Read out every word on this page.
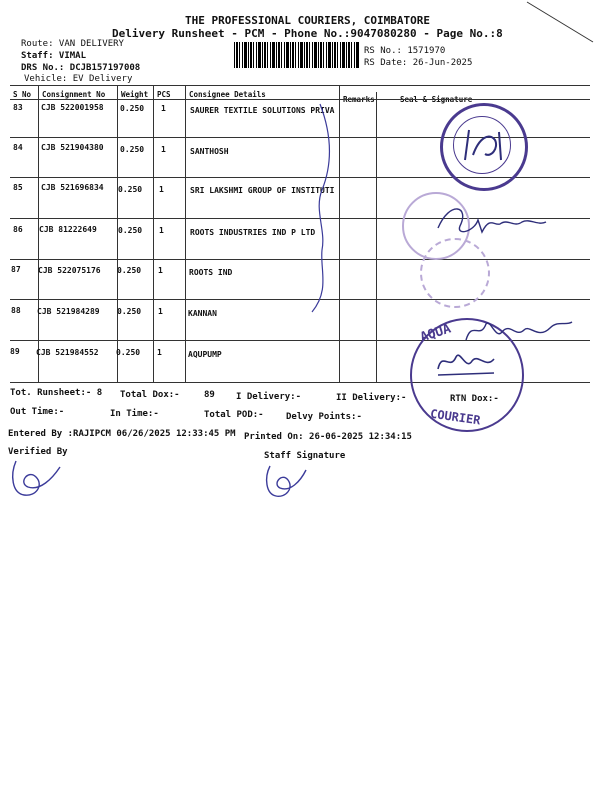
THE PROFESSIONAL COURIERS, COIMBATORE
Delivery Runsheet - PCM - Phone No.:9047080280 - Page No.:8
Route: VAN DELIVERY
Staff: VIMAL
DRS No.: DCJB157197008
Vehicle: EV Delivery
RS No.: 1571970
RS Date: 26-Jun-2025
S No Consignment No Weight PCS Consignee Details
83 CJB 522001958 0.250 1	SAURER TEXTILE SOLUTIONS PRIVA
84 CJB 521904380 0.250 1	SANTHOSH
85 CJB 521696834 0.250 1	SRI LAKSHMI GROUP OF INSTITUTI
86 CJB 81222649	0.250 1	ROOTS INDUSTRIES IND P LTD
87 CJB 522075176 0.250 1	ROOTS IND
88 CJB 521984289 0.250 1	KANNAN
89 CJB 521984552 0.250 1	AQUPUMP
AQUA
COURIER
Tot. Runsheet:- 8 Total Dox:-	89 I Delivery:-	II Delivery:-	RTN Dox:-
Out Time:-	In Time:-	Total POD:- Delvy Points:-
Entered By :RAJIPCM 06/26/2025 12:33:45 PM Printed On: 26-06-2025 12:34:15
Verified By	Staff Signature
